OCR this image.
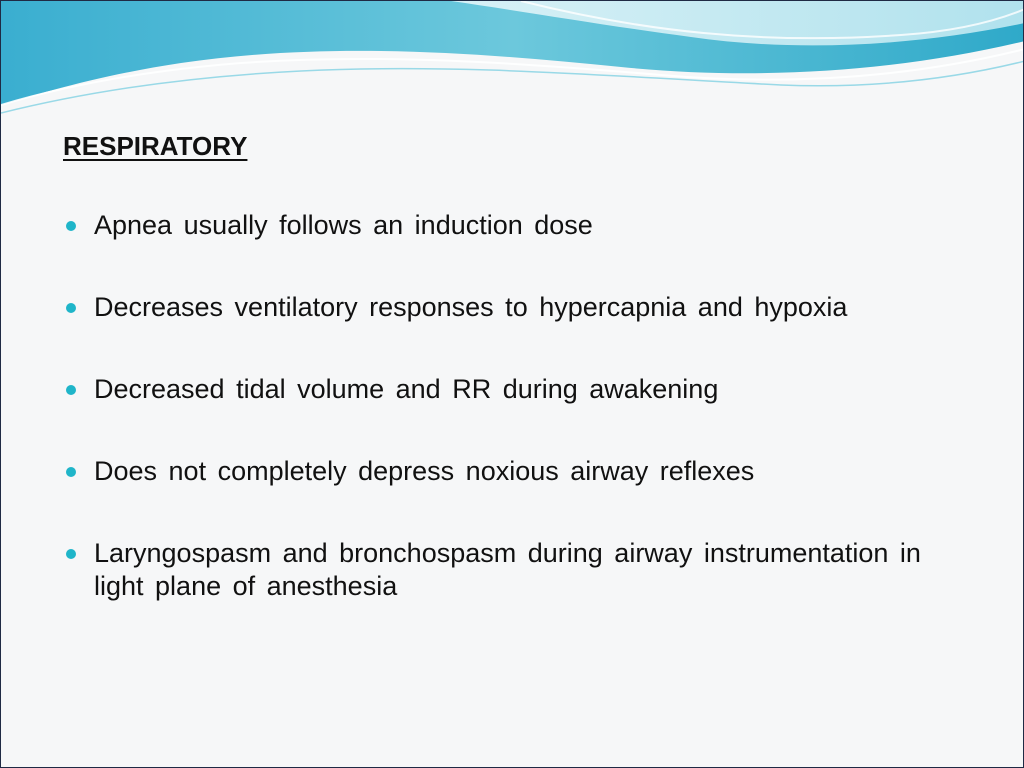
RESPIRATORY
Apnea usually follows an induction dose
Decreases ventilatory responses to hypercapnia and hypoxia
Decreased tidal volume and RR during awakening
Does not completely depress noxious airway reflexes
Laryngospasm and bronchospasm during airway instrumentation in light plane of anesthesia
